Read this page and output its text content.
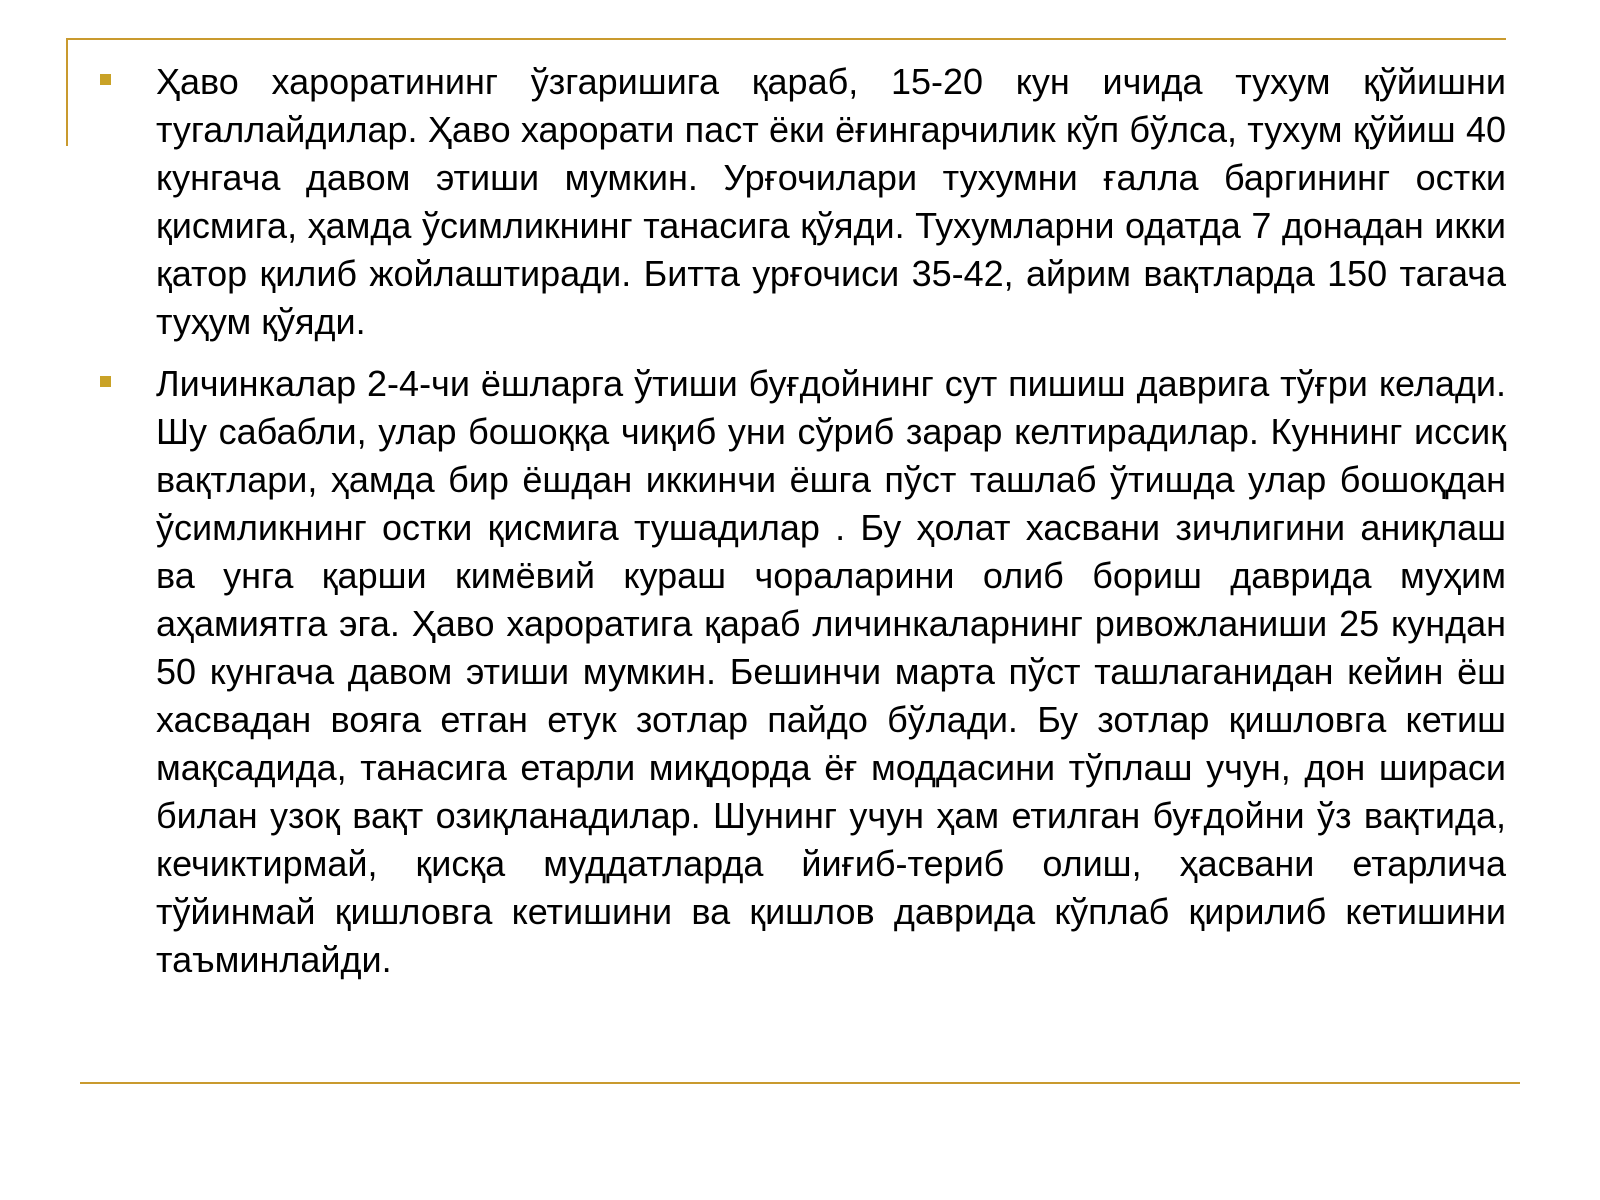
Ҳаво хароратининг ўзгаришига қараб, 15-20 кун ичида тухум қўйишни тугаллайдилар. Ҳаво харорати паст ёки ёғингарчилик кўп бўлса, тухум қўйиш 40 кунгача давом этиши мумкин. Урғочилари тухумни ғалла баргининг остки қисмига, ҳамда ўсимликнинг танасига қўяди. Тухумларни одатда 7 донадан икки қатор қилиб жойлаштиради. Битта урғочиси 35-42, айрим вақтларда 150 тагача туҳум қўяди.

Личинкалар 2-4-чи ёшларга ўтиши буғдойнинг сут пишиш даврига тўғри келади. Шу сабабли, улар бошоққа чиқиб уни сўриб зарар келтирадилар. Куннинг иссиқ вақтлари, ҳамда бир ёшдан иккинчи ёшга пўст ташлаб ўтишда улар бошоқдан ўсимликнинг остки қисмига тушадилар . Бу ҳолат хасвани зичлигини аниқлаш ва унга қарши кимёвий кураш чораларини олиб бориш даврида муҳим аҳамиятга эга. Ҳаво хароратига қараб личинкаларнинг ривожланиши 25 кундан 50 кунгача давом этиши мумкин. Бешинчи марта пўст ташлаганидан кейин ёш хасвадан вояга етган етук зотлар пайдо бўлади. Бу зотлар қишловга кетиш мақсадида, танасига етарли миқдорда ёғ моддасини тўплаш учун, дон шираси билан узоқ вақт озиқланадилар. Шунинг учун ҳам етилган буғдойни ўз вақтида, кечиктирмай, қисқа муддатларда йиғиб-териб олиш, ҳасвани етарлича тўйинмай қишловга кетишини ва қишлов даврида кўплаб қирилиб кетишини таъминлайди.
